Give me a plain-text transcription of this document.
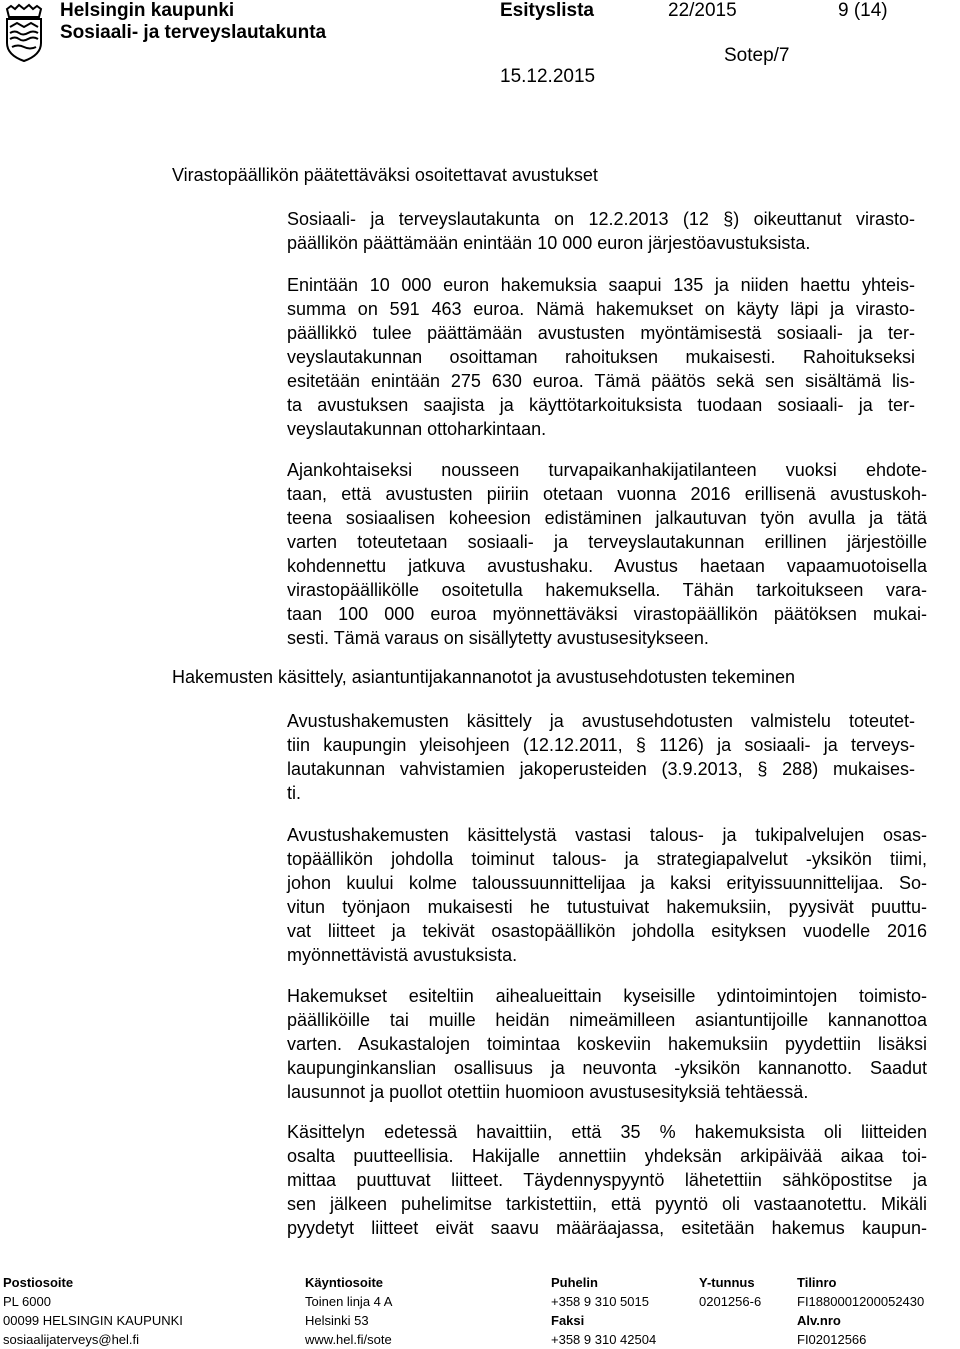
Helsingin kaupunki
Sosiaali- ja terveyslautakunta
Esityslista	22/2015	9 (14)
Sotep/7
15.12.2015
Virastopäällikön päätettäväksi osoitettavat avustukset
Sosiaali- ja terveyslautakunta on 12.2.2013 (12 §) oikeuttanut virasto-
päällikön päättämään enintään 10 000 euron järjestöavustuksista.
Enintään 10 000 euron hakemuksia saapui 135 ja niiden haettu yhteis-
summa on 591 463 euroa. Nämä hakemukset on käyty läpi ja virasto-
päällikkö tulee päättämään avustusten myöntämisestä sosiaali- ja ter-
veyslautakunnan osoittaman rahoituksen mukaisesti. Rahoitukseksi
esitetään enintään 275 630 euroa. Tämä päätös sekä sen sisältämä lis-
ta avustuksen saajista ja käyttötarkoituksista tuodaan sosiaali- ja ter-
veyslautakunnan ottoharkintaan.
Ajankohtaiseksi nousseen turvapaikanhakijatilanteen vuoksi ehdote-
taan, että avustusten piiriin otetaan vuonna 2016 erillisenä avustuskoh-
teena sosiaalisen koheesion edistäminen jalkautuvan työn avulla ja tätä
varten toteutetaan sosiaali- ja terveyslautakunnan erillinen järjestöille
kohdennettu jatkuva avustushaku. Avustus haetaan vapaamuotoisella
virastopäällikölle osoitetulla hakemuksella. Tähän tarkoitukseen vara-
taan 100 000 euroa myönnettäväksi virastopäällikön päätöksen mukai-
sesti. Tämä varaus on sisällytetty avustusesitykseen.
Hakemusten käsittely, asiantuntijakannanotot ja avustusehdotusten tekeminen
Avustushakemusten käsittely ja avustusehdotusten valmistelu toteutet-
tiin kaupungin yleisohjeen (12.12.2011, § 1126) ja sosiaali- ja terveys-
lautakunnan vahvistamien jakoperusteiden (3.9.2013, § 288) mukaises-
ti.
Avustushakemusten käsittelystä vastasi talous- ja tukipalvelujen osas-
topäällikön johdolla toiminut talous- ja strategiapalvelut -yksikön tiimi,
johon kuului kolme taloussuunnittelijaa ja kaksi erityissuunnittelijaa. So-
vitun työnjaon mukaisesti he tutustuivat hakemuksiin, pyysivät puuttu-
vat liitteet ja tekivät osastopäällikön johdolla esityksen vuodelle 2016
myönnettävistä avustuksista.
Hakemukset esiteltiin aihealueittain kyseisille ydintoimintojen toimisto-
päälliköille tai muille heidän nimeämilleen asiantuntijoille kannanottoa
varten. Asukastalojen toimintaa koskeviin hakemuksiin pyydettiin lisäksi
kaupunginkanslian osallisuus ja neuvonta -yksikön kannanotto. Saadut
lausunnot ja puollot otettiin huomioon avustusesityksiä tehtäessä.
Käsittelyn edetessä havaittiin, että 35 % hakemuksista oli liitteiden
osalta puutteellisia. Hakijalle annettiin yhdeksän arkipäivää aikaa toi-
mittaa puuttuvat liitteet. Täydennyspyyntö lähetettiin sähköpostitse ja
sen jälkeen puhelimitse tarkistettiin, että pyyntö oli vastaanotettu. Mikäli
pyydetyt liitteet eivät saavu määräajassa, esitetään hakemus kaupun-
Postiosoite
PL 6000
00099 HELSINGIN KAUPUNKI
sosiaalijaterveys@hel.fi
Käyntiosoite
Toinen linja 4 A
Helsinki 53
www.hel.fi/sote
Puhelin
+358 9 310 5015
Faksi
+358 9 310 42504
Y-tunnus
0201256-6
Tilinro
FI1880001200052430
Alv.nro
FI02012566
